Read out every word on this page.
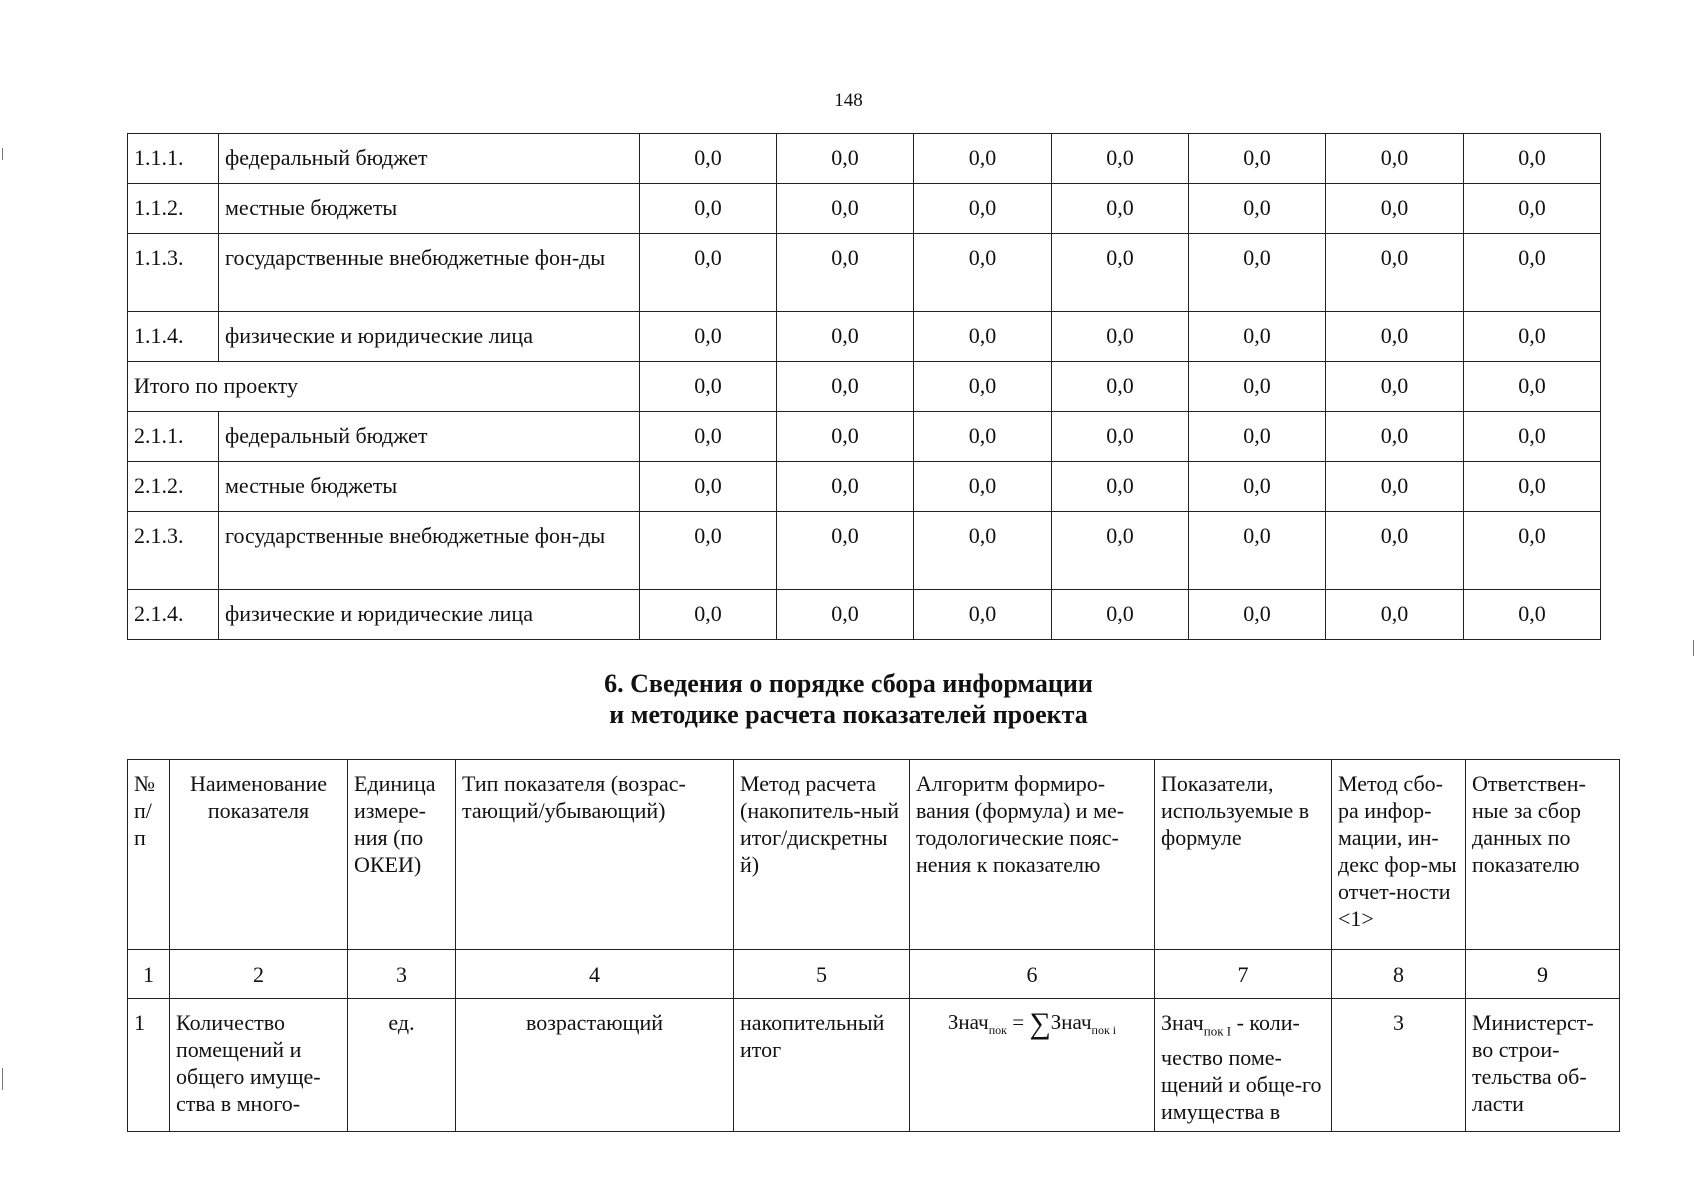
148
1.1.1.	федеральный бюджет	0,0	0,0	0,0	0,0	0,0	0,0	0,0
1.1.2.	местные бюджеты	0,0	0,0	0,0	0,0	0,0	0,0	0,0
1.1.3.	государственные внебюджетные фон-ды	0,0	0,0	0,0	0,0	0,0	0,0	0,0
1.1.4.	физические и юридические лица	0,0	0,0	0,0	0,0	0,0	0,0	0,0
Итого по проекту		0,0	0,0	0,0	0,0	0,0	0,0	0,0
2.1.1.	федеральный бюджет	0,0	0,0	0,0	0,0	0,0	0,0	0,0
2.1.2.	местные бюджеты	0,0	0,0	0,0	0,0	0,0	0,0	0,0
2.1.3.	государственные внебюджетные фон-ды	0,0	0,0	0,0	0,0	0,0	0,0	0,0
2.1.4.	физические и юридические лица	0,0	0,0	0,0	0,0	0,0	0,0	0,0
6. Сведения о порядке сбора информации
и методике расчета показателей проекта
№ п/ п	Наименование показателя	Единица измере-ния (по ОКЕИ)	Тип показателя (возрас-тающий/убывающий)	Метод расчета (накопитель-ный итог/дискретны й)	Алгоритм формиро-вания (формула) и ме-тодологические пояс-нения к показателю	Показатели, используемые в формуле	Метод сбо-ра инфор-мации, ин-декс фор-мы отчет-ности <1>	Ответствен-ные за сбор данных по показателю
1	2	3	4	5	6	7	8	9
1	Количество помещений и общего имуще-ства в много-	ед.	возрастающий	накопительный итог	Знач$_{пок}$ = ∑Знач$_{пок i}$	Знач$_{пок I}$ - коли-чество поме-щений и обще-го имущества в	3	Министерст-во строи-тельства об-ласти
